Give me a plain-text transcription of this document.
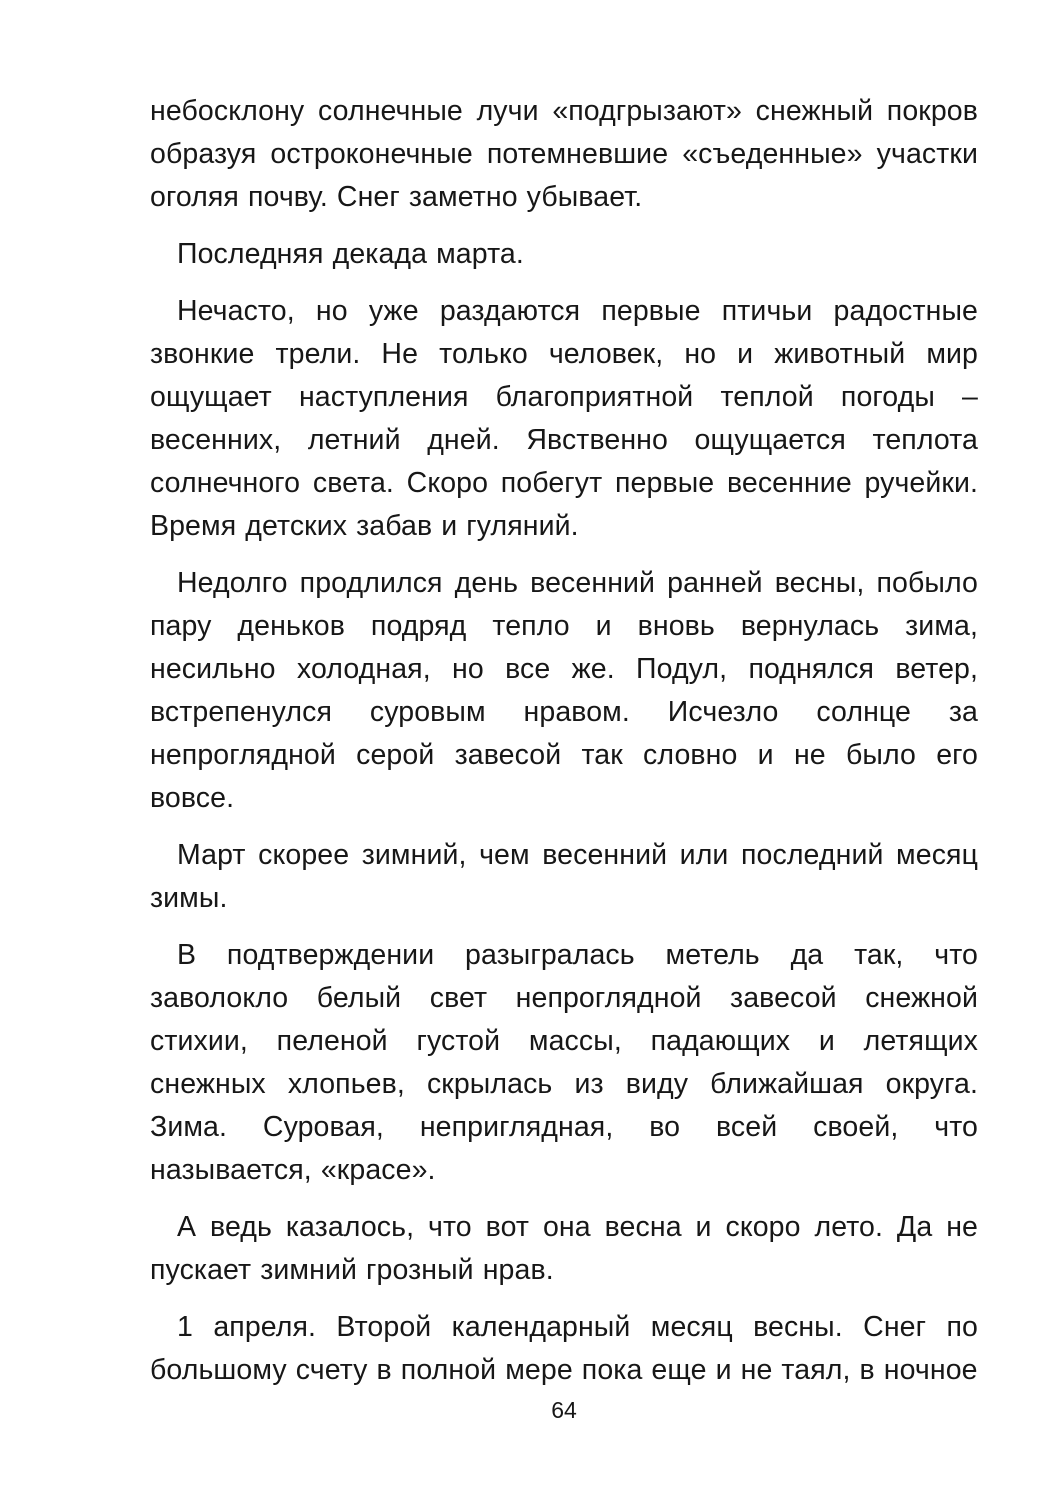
небосклону солнечные лучи «подгрызают» снежный покров образуя остроконечные потемневшие «съеденные» участки оголяя почву. Снег заметно убывает.

Последняя декада марта.

Нечасто, но уже раздаются первые птичьи радостные звонкие трели. Не только человек, но и животный мир ощущает наступления благоприятной теплой погоды – весенних, летний дней. Явственно ощущается теплота солнечного света. Скоро побегут первые весенние ручейки. Время детских забав и гуляний.

Недолго продлился день весенний ранней весны, побыло пару деньков подряд тепло и вновь вернулась зима, несильно холодная, но все же. Подул, поднялся ветер, встрепенулся суровым нравом. Исчезло солнце за непроглядной серой завесой так словно и не было его вовсе.

Март скорее зимний, чем весенний или последний месяц зимы.

В подтверждении разыгралась метель да так, что заволокло белый свет непроглядной завесой снежной стихии, пеленой густой массы, падающих и летящих снежных хлопьев, скрылась из виду ближайшая округа. Зима. Суровая, неприглядная, во всей своей, что называется, «красе».

А ведь казалось, что вот она весна и скоро лето. Да не пускает зимний грозный нрав.

1 апреля. Второй календарный месяц весны. Снег по большому счету в полной мере пока еще и не таял, в ночное

64
